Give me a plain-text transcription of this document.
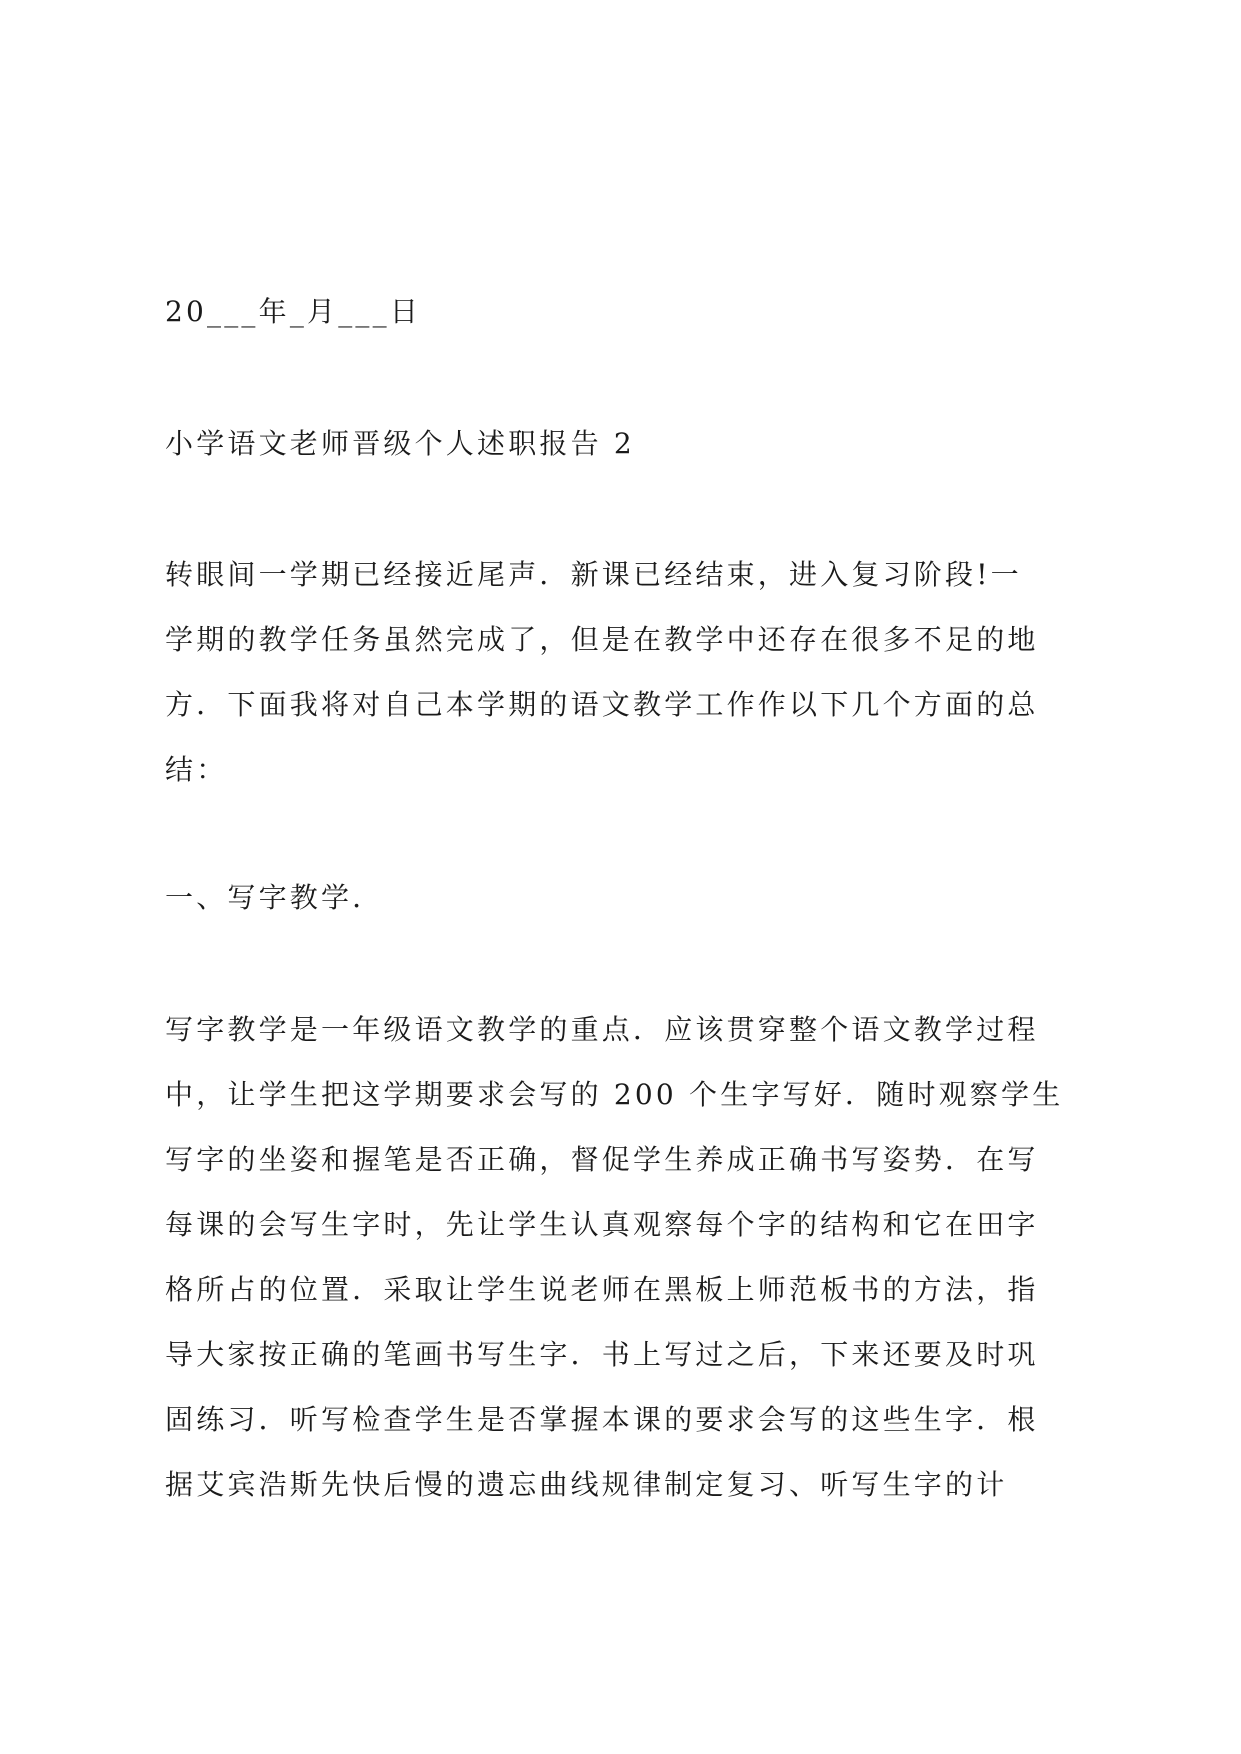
20___年_月___日

小学语文老师晋级个人述职报告 2

转眼间一学期已经接近尾声．新课已经结束，进入复习阶段!一

学期的教学任务虽然完成了，但是在教学中还存在很多不足的地

方．下面我将对自己本学期的语文教学工作作以下几个方面的总

结：

一、写字教学．

写字教学是一年级语文教学的重点．应该贯穿整个语文教学过程

中，让学生把这学期要求会写的 200 个生字写好．随时观察学生

写字的坐姿和握笔是否正确，督促学生养成正确书写姿势．在写

每课的会写生字时，先让学生认真观察每个字的结构和它在田字

格所占的位置．采取让学生说老师在黑板上师范板书的方法，指

导大家按正确的笔画书写生字．书上写过之后，下来还要及时巩

固练习．听写检查学生是否掌握本课的要求会写的这些生字．根

据艾宾浩斯先快后慢的遗忘曲线规律制定复习、听写生字的计
